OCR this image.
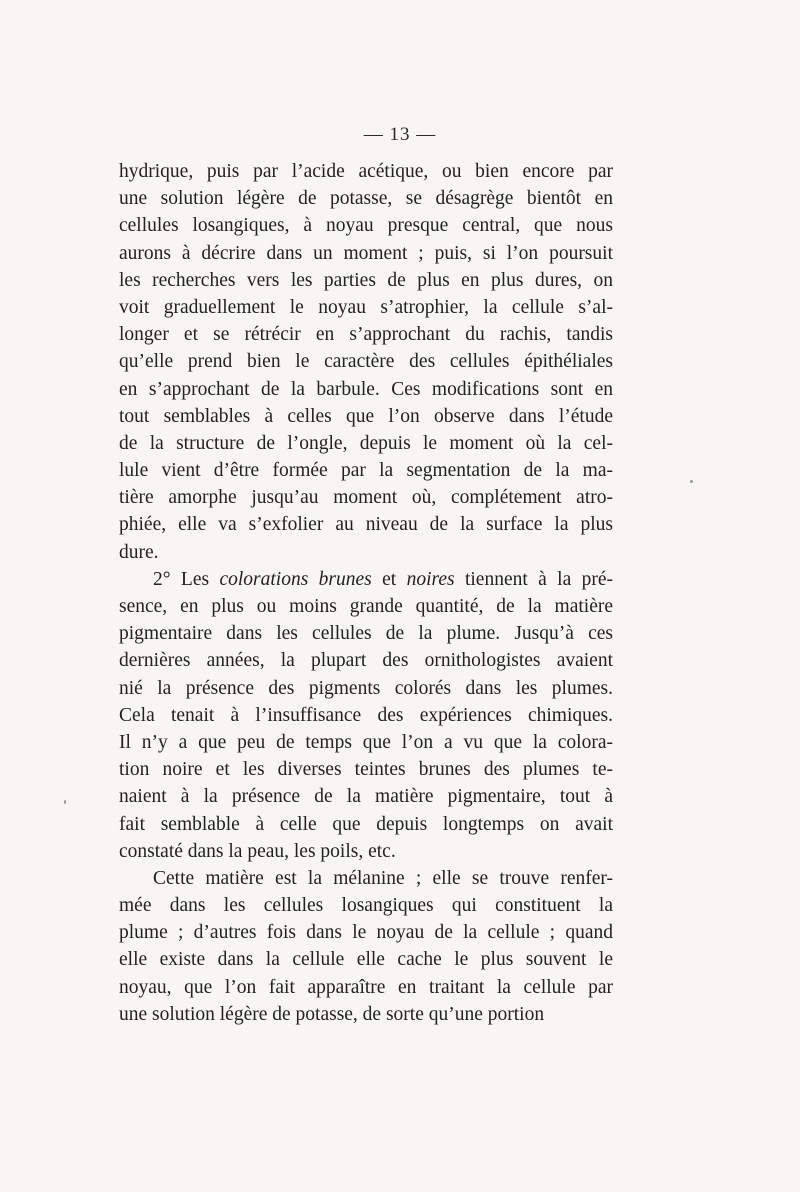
— 13 —
hydrique, puis par l’acide acétique, ou bien encore par
une solution légère de potasse, se désagrège bientôt en
cellules losangiques, à noyau presque central, que nous
aurons à décrire dans un moment ; puis, si l’on poursuit
les recherches vers les parties de plus en plus dures, on
voit graduellement le noyau s’atrophier, la cellule s’al-
longer et se rétrécir en s’approchant du rachis, tandis
qu’elle prend bien le caractère des cellules épithéliales
en s’approchant de la barbule. Ces modifications sont en
tout semblables à celles que l’on observe dans l’étude
de la structure de l’ongle, depuis le moment où la cel-
lule vient d’être formée par la segmentation de la ma-
tière amorphe jusqu’au moment où, complétement atro-
phiée, elle va s’exfolier au niveau de la surface la plus
dure.
2° Les colorations brunes et noires tiennent à la pré-
sence, en plus ou moins grande quantité, de la matière
pigmentaire dans les cellules de la plume. Jusqu’à ces
dernières années, la plupart des ornithologistes avaient
nié la présence des pigments colorés dans les plumes.
Cela tenait à l’insuffisance des expériences chimiques.
Il n’y a que peu de temps que l’on a vu que la colora-
tion noire et les diverses teintes brunes des plumes te-
naient à la présence de la matière pigmentaire, tout à
fait semblable à celle que depuis longtemps on avait
constaté dans la peau, les poils, etc.
Cette matière est la mélanine ; elle se trouve renfer-
mée dans les cellules losangiques qui constituent la
plume ; d’autres fois dans le noyau de la cellule ; quand
elle existe dans la cellule elle cache le plus souvent le
noyau, que l’on fait apparaître en traitant la cellule par
une solution légère de potasse, de sorte qu’une portion
